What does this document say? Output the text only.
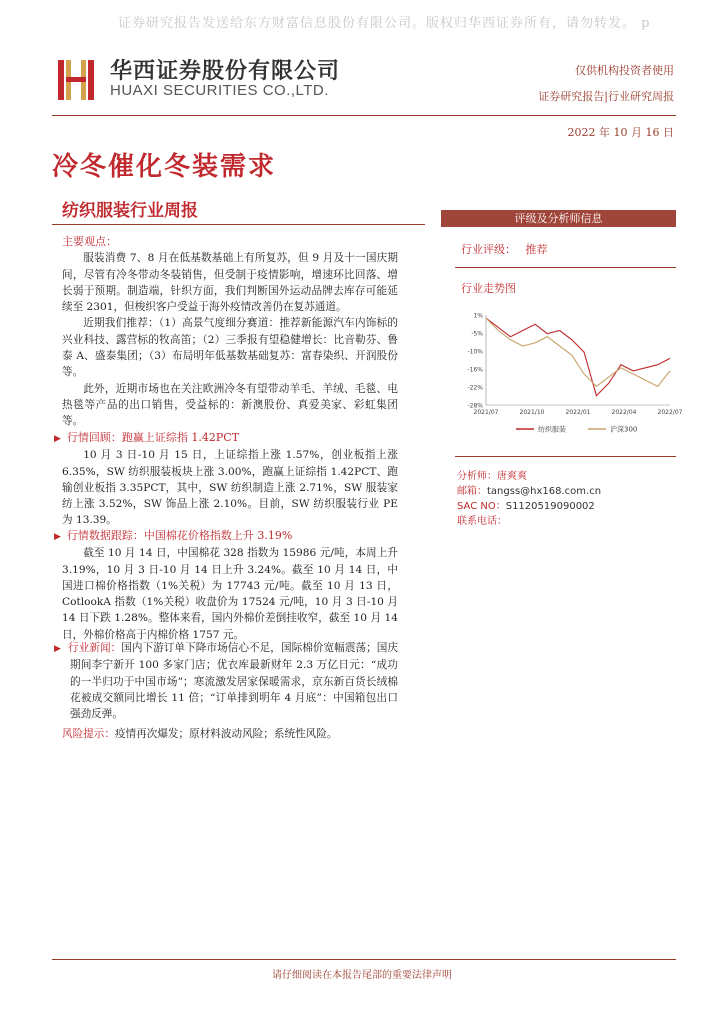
证券研究报告发送给东方财富信息股份有限公司。版权归华西证券所有，请勿转发。 p
华西证券股份有限公司
HUAXI SECURITIES CO.,LTD.
仅供机构投资者使用
证券研究报告|行业研究周报
2022 年 10 月 16 日
冷冬催化冬装需求
纺织服装行业周报
主要观点：

服装消费 7、8 月在低基数基础上有所复苏，但 9 月及十一国庆期间，尽管有冷冬带动冬装销售，但受制于疫情影响，增速环比回落、增长弱于预期。制造端，针织方面，我们判断国外运动品牌去库存可能延续至 2301，但梭织客户受益于海外疫情改善仍在复苏通道。

近期我们推荐：（1）高景气度细分赛道：推荐新能源汽车内饰标的兴业科技、露营标的牧高笛；（2）三季报有望稳健增长：比音勒芬、鲁泰 A、盛泰集团；（3）布局明年低基数基础复苏：富春染织、开润股份等。

此外，近期市场也在关注欧洲冷冬有望带动羊毛、羊绒、毛毯、电热毯等产品的出口销售，受益标的：新澳股份、真爱美家、彩虹集团等。

▶ 行情回顾：跑赢上证综指 1.42PCT

10 月 3 日-10 月 15 日，上证综指上涨 1.57%，创业板指上涨 6.35%，SW 纺织服装板块上涨 3.00%，跑赢上证综指 1.42PCT、跑输创业板指 3.35PCT，其中，SW 纺织制造上涨 2.71%，SW 服装家纺上涨 3.52%，SW 饰品上涨 2.10%。目前，SW 纺织服装行业 PE 为 13.39。

▶ 行情数据跟踪：中国棉花价格指数上升 3.19%

截至 10 月 14 日，中国棉花 328 指数为 15986 元/吨，本周上升 3.19%，10 月 3 日-10 月 14 日上升 3.24%。截至 10 月 14 日，中国进口棉价格指数（1%关税）为 17743 元/吨。截至 10 月 13 日，CotlookA 指数（1%关税）收盘价为 17524 元/吨，10 月 3 日-10 月 14 日下跌 1.28%。整体来看，国内外棉价差倒挂收窄，截至 10 月 14 日，外棉价格高于内棉价格 1757 元。

▶ 行业新闻：国内下游订单下降市场信心不足，国际棉价宽幅震荡；国庆期间李宁新开 100 多家门店；优衣库最新财年 2.3 万亿日元：“成功的一半归功于中国市场”；寒流激发居家保暖需求，京东新百货长绒棉花被成交额同比增长 11 倍；“订单排到明年 4 月底”：中国箱包出口强劲反弹。

风险提示：疫情再次爆发；原材料波动风险；系统性风险。

评级及分析师信息
行业评级： 推荐
行业走势图
1%
-5%
-10%
-16%
-22%
-28%
2021/07	2021/10	2022/01	2022/04	2022/07
纺织服装	沪深300
分析师：唐爽爽
邮箱：tangss@hx168.com.cn
SAC NO：S1120519090002
联系电话：
请仔细阅读在本报告尾部的重要法律声明
